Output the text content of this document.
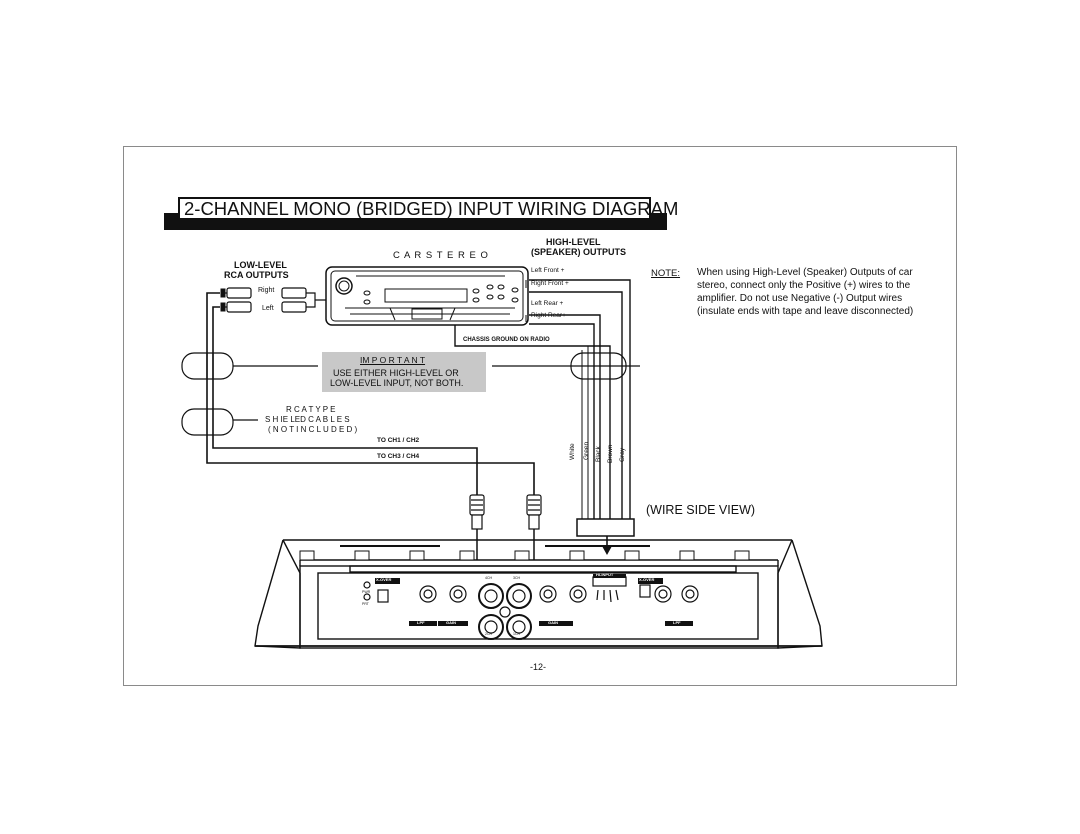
2-CHANNEL MONO (BRIDGED) INPUT WIRING DIAGRAM
C A R S T E R E O
LOW-LEVEL
RCA OUTPUTS
HIGH-LEVEL
(SPEAKER) OUTPUTS
Right
Left
Left Front +
Right Front +
Left Rear +
Right Rear+
CHASSIS GROUND ON RADIO
IM P O R T A N T
USE EITHER HIGH-LEVEL OR
LOW-LEVEL INPUT, NOT BOTH.
R C A T Y P E
S H IE LED C A B L E S
( N O T I N C L U D E D )
TO CH1 / CH2
TO CH3 / CH4	White Green Black Brown Gray
(WIRE SIDE VIEW)
NOTE: When using High-Level (Speaker) Outputs of car stereo, connect only the Positive (+) wires to the amplifier. Do not use Negative (-) Output wires (insulate ends with tape and leave disconnected)
-12-
X-OVER	X-OVER
HI-INPUT
PWR
PRT
LPF	GAIN	GAIN	LPF
4CH	3CH
2CH	1CH
